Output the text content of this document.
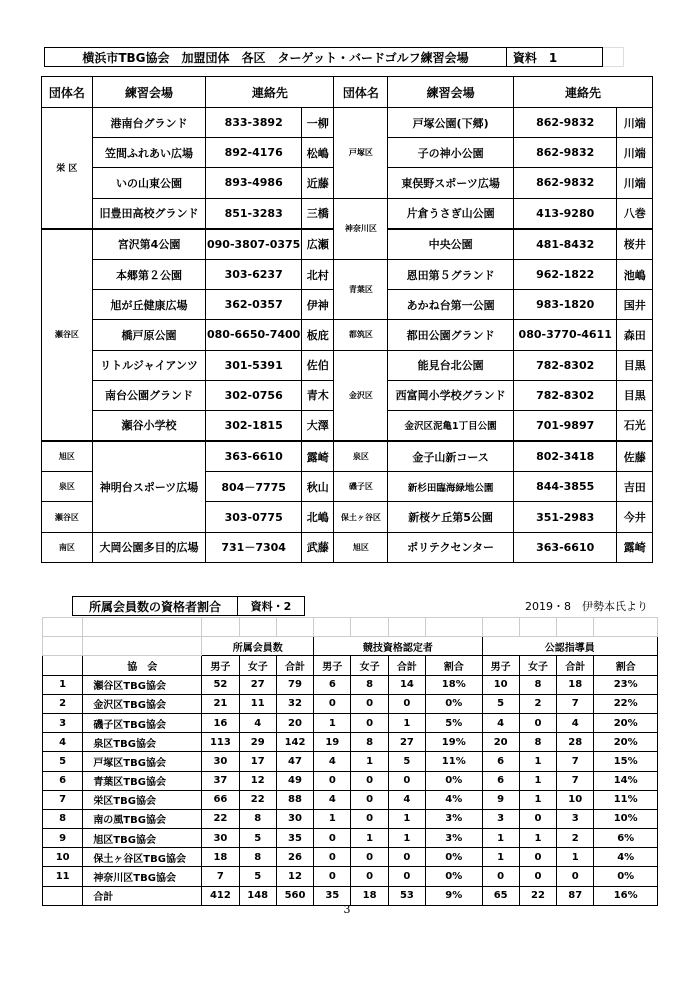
横浜市TBG協会　加盟団体　各区　ターゲット・バードゴルフ練習会場	資料　1	
団体名	練習会場	連絡先		団体名	練習会場	連絡先	
栄 区	港南台グランド	833-3892	一柳	戸塚区	戸塚公園(下郷)	862-9832	川端
	笠間ふれあい広場	892-4176	松嶋		子の神小公園	862-9832	川端
	いの山東公園	893-4986	近藤		東俣野スポーツ広場	862-9832	川端
	旧豊田高校グランド	851-3283	三橋	神奈川区	片倉うさぎ山公園	413-9280	八巻
瀬谷区	宮沢第4公園	090-3807-0375	広瀬		中央公園	481-8432	桜井
	本郷第２公園	303-6237	北村	青葉区	恩田第５グランド	962-1822	池嶋
	旭が丘健康広場	362-0357	伊神		あかね台第一公園	983-1820	国井
	橋戸原公園	080-6650-7400	板庇	都筑区	都田公園グランド	080-3770-4611	森田
	リトルジャイアンツ	301-5391	佐伯	金沢区	能見台北公園	782-8302	目黒
	南台公園グランド	302-0756	青木		西富岡小学校グランド	782-8302	目黒
	瀬谷小学校	302-1815	大澤		金沢区泥亀1丁目公園	701-9897	石光
旭区	神明台スポーツ広場	363-6610	露崎	泉区	金子山新コース	802-3418	佐藤
泉区		804－7775	秋山	磯子区	新杉田臨海緑地公園	844-3855	吉田
瀬谷区		303-0775	北嶋	保土ヶ谷区	新桜ケ丘第5公園	351-2983	今井
南区	大岡公園多目的広場	731－7304	武藤	旭区	ポリテクセンター	363-6610	露崎
	所属会員数の資格者割合	資料・2	2019・8　伊勢本氏より

		所属会員数			競技資格認定者				公認指導員			
	協　会	男子	女子	合計	男子	女子	合計	割合	男子	女子	合計	割合
1	瀬谷区TBG協会	52	27	79	6	8	14	18%	10	8	18	23%
2	金沢区TBG協会	21	11	32	0	0	0	0%	5	2	7	22%
3	磯子区TBG協会	16	4	20	1	0	1	5%	4	0	4	20%
4	泉区TBG協会	113	29	142	19	8	27	19%	20	8	28	20%
5	戸塚区TBG協会	30	17	47	4	1	5	11%	6	1	7	15%
6	青葉区TBG協会	37	12	49	0	0	0	0%	6	1	7	14%
7	栄区TBG協会	66	22	88	4	0	4	4%	9	1	10	11%
8	南の風TBG協会	22	8	30	1	0	1	3%	3	0	3	10%
9	旭区TBG協会	30	5	35	0	1	1	3%	1	1	2	6%
10	保土ヶ谷区TBG協会	18	8	26	0	0	0	0%	1	0	1	4%
11	神奈川区TBG協会	7	5	12	0	0	0	0%	0	0	0	0%
	合計	412	148	560	35	18	53	9%	65	22	87	16%
3
